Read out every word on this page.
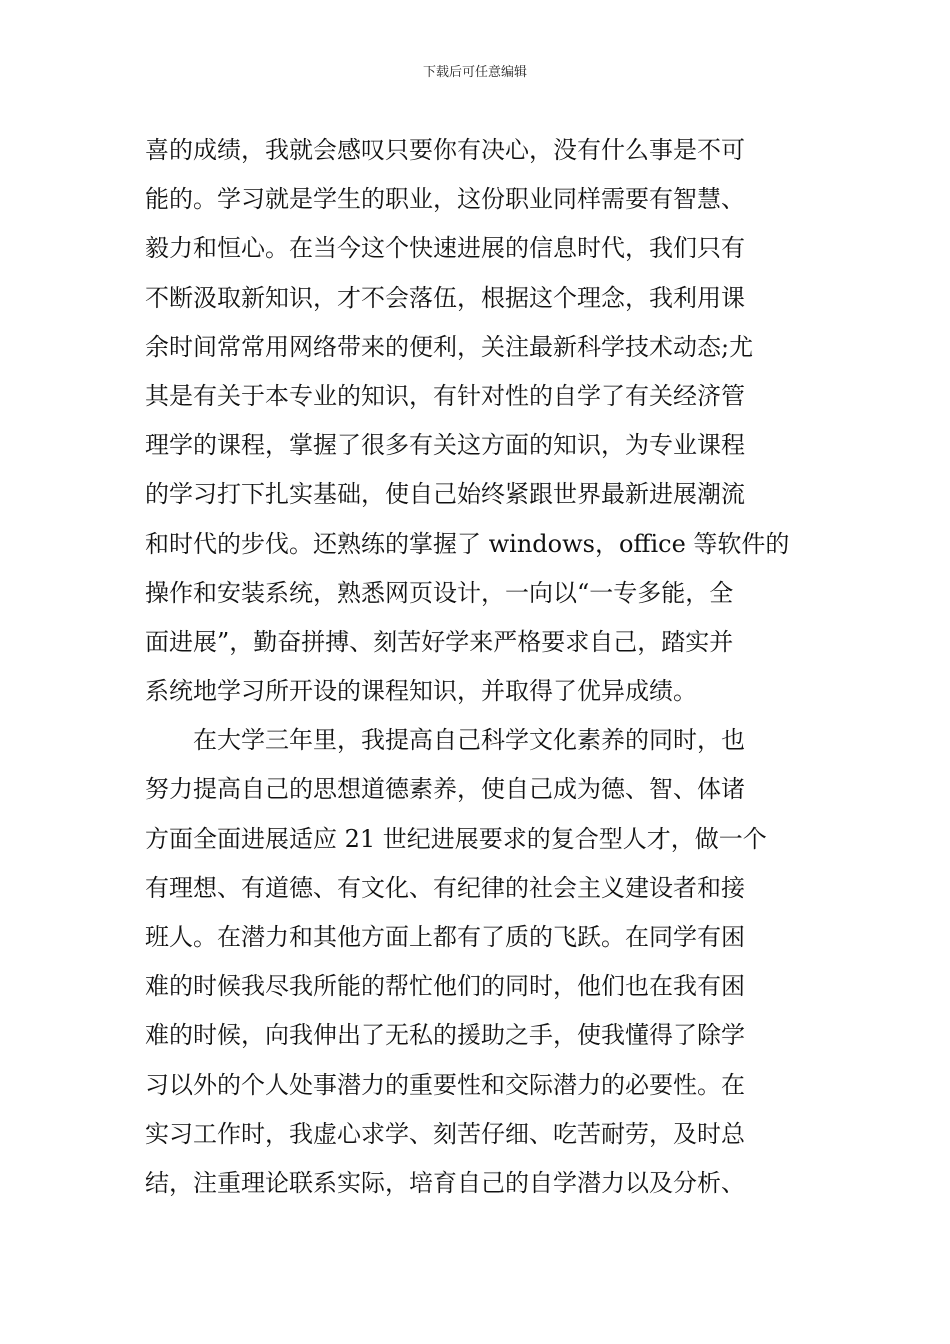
下载后可任意编辑
喜的成绩，我就会感叹只要你有决心，没有什么事是不可
能的。学习就是学生的职业，这份职业同样需要有智慧、
毅力和恒心。在当今这个快速进展的信息时代，我们只有
不断汲取新知识，才不会落伍，根据这个理念，我利用课
余时间常常用网络带来的便利，关注最新科学技术动态;尤
其是有关于本专业的知识，有针对性的自学了有关经济管
理学的课程，掌握了很多有关这方面的知识，为专业课程
的学习打下扎实基础，使自己始终紧跟世界最新进展潮流
和时代的步伐。还熟练的掌握了 windows，office 等软件的
操作和安装系统，熟悉网页设计，一向以“一专多能，全
面进展”，勤奋拼搏、刻苦好学来严格要求自己，踏实并
系统地学习所开设的课程知识，并取得了优异成绩。
　　在大学三年里，我提高自己科学文化素养的同时，也
努力提高自己的思想道德素养，使自己成为德、智、体诸
方面全面进展适应 21 世纪进展要求的复合型人才，做一个
有理想、有道德、有文化、有纪律的社会主义建设者和接
班人。在潜力和其他方面上都有了质的飞跃。在同学有困
难的时候我尽我所能的帮忙他们的同时，他们也在我有困
难的时候，向我伸出了无私的援助之手，使我懂得了除学
习以外的个人处事潜力的重要性和交际潜力的必要性。在
实习工作时，我虚心求学、刻苦仔细、吃苦耐劳，及时总
结，注重理论联系实际，培育自己的自学潜力以及分析、
